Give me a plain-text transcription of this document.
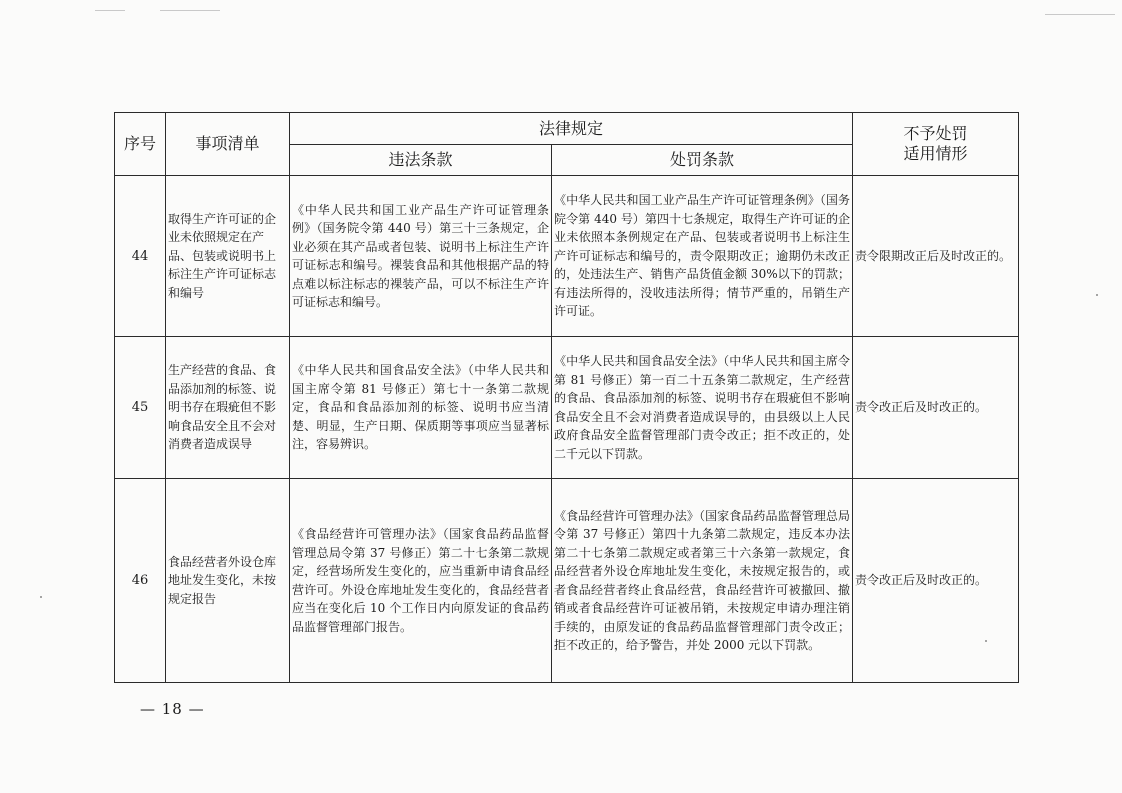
序号	事项清单	法律规定		不予处罚
适用情形
		违法条款	处罚条款	
44	取得生产许可证的企业未依照规定在产品、包装或说明书上标注生产许可证标志和编号	《中华人民共和国工业产品生产许可证管理条例》（国务院令第 440 号）第三十三条规定，企业必须在其产品或者包装、说明书上标注生产许可证标志和编号。裸装食品和其他根据产品的特点难以标注标志的裸装产品，可以不标注生产许可证标志和编号。	《中华人民共和国工业产品生产许可证管理条例》（国务院令第 440 号）第四十七条规定，取得生产许可证的企业未依照本条例规定在产品、包装或者说明书上标注生产许可证标志和编号的，责令限期改正；逾期仍未改正的，处违法生产、销售产品货值金额 30%以下的罚款；有违法所得的，没收违法所得；情节严重的，吊销生产许可证。	责令限期改正后及时改正的。
45	生产经营的食品、食品添加剂的标签、说明书存在瑕疵但不影响食品安全且不会对消费者造成误导	《中华人民共和国食品安全法》（中华人民共和国主席令第 81 号修正）第七十一条第二款规定，食品和食品添加剂的标签、说明书应当清楚、明显，生产日期、保质期等事项应当显著标注，容易辨识。	《中华人民共和国食品安全法》（中华人民共和国主席令第 81 号修正）第一百二十五条第二款规定，生产经营的食品、食品添加剂的标签、说明书存在瑕疵但不影响食品安全且不会对消费者造成误导的，由县级以上人民政府食品安全监督管理部门责令改正；拒不改正的，处二千元以下罚款。	责令改正后及时改正的。
46	食品经营者外设仓库地址发生变化，未按规定报告	《食品经营许可管理办法》（国家食品药品监督管理总局令第 37 号修正）第二十七条第二款规定，经营场所发生变化的，应当重新申请食品经营许可。外设仓库地址发生变化的，食品经营者应当在变化后 10 个工作日内向原发证的食品药品监督管理部门报告。	《食品经营许可管理办法》（国家食品药品监督管理总局令第 37 号修正）第四十九条第二款规定，违反本办法第二十七条第二款规定或者第三十六条第一款规定，食品经营者外设仓库地址发生变化，未按规定报告的，或者食品经营者终止食品经营，食品经营许可被撤回、撤销或者食品经营许可证被吊销，未按规定申请办理注销手续的，由原发证的食品药品监督管理部门责令改正；拒不改正的，给予警告，并处 2000 元以下罚款。	责令改正后及时改正的。
— 18 —
